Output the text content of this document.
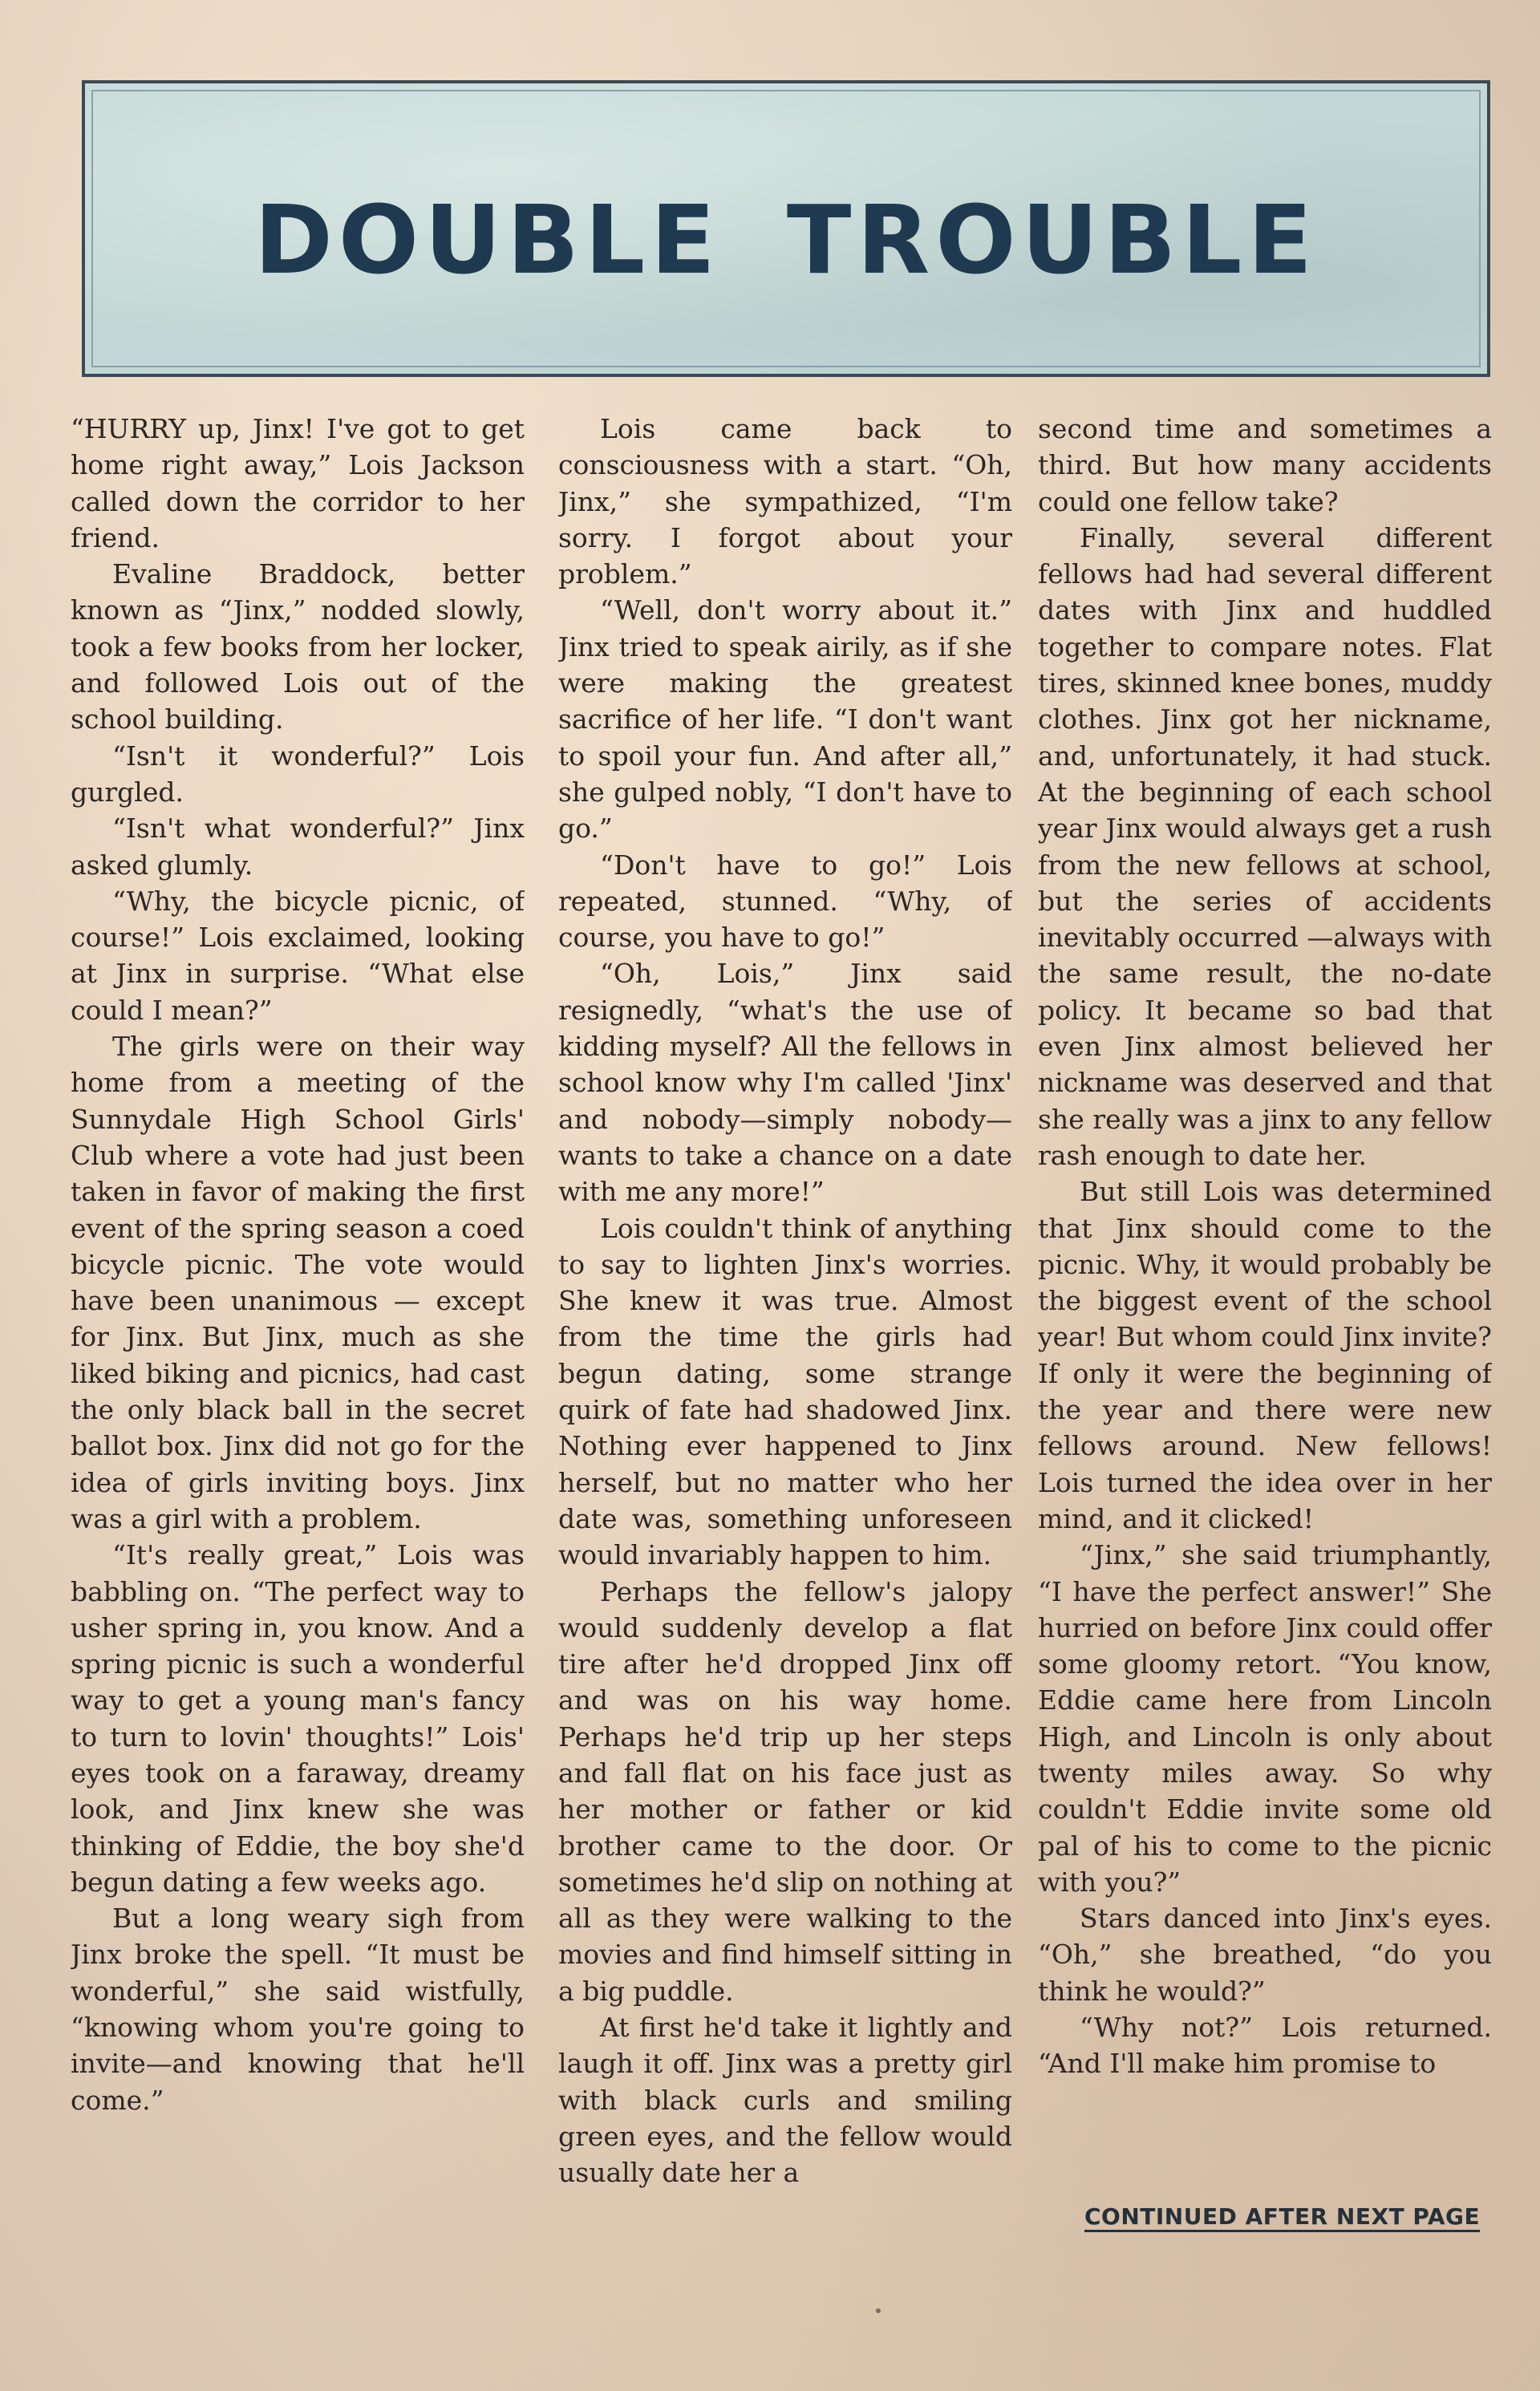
DOUBLE TROUBLE

“HURRY up, Jinx! I've got to get home right away,” Lois Jackson called down the corridor to her friend.

Evaline Braddock, better known as “Jinx,” nodded slowly, took a few books from her locker, and followed Lois out of the school building.

“Isn't it wonderful?” Lois gurgled.

“Isn't what wonderful?” Jinx asked glumly.

“Why, the bicycle picnic, of course!” Lois exclaimed, looking at Jinx in surprise. “What else could I mean?”

The girls were on their way home from a meeting of the Sunnydale High School Girls' Club where a vote had just been taken in favor of making the first event of the spring season a coed bicycle picnic. The vote would have been unanimous — except for Jinx. But Jinx, much as she liked biking and picnics, had cast the only black ball in the secret ballot box. Jinx did not go for the idea of girls inviting boys. Jinx was a girl with a problem.

“It's really great,” Lois was babbling on. “The perfect way to usher spring in, you know. And a spring picnic is such a wonderful way to get a young man's fancy to turn to lovin' thoughts!” Lois' eyes took on a faraway, dreamy look, and Jinx knew she was thinking of Eddie, the boy she'd begun dating a few weeks ago.

But a long weary sigh from Jinx broke the spell. “It must be wonderful,” she said wistfully, “knowing whom you're going to invite—and knowing that he'll come.”

Lois came back to consciousness with a start. “Oh, Jinx,” she sympathized, “I'm sorry. I forgot about your problem.”

“Well, don't worry about it.” Jinx tried to speak airily, as if she were making the greatest sacrifice of her life. “I don't want to spoil your fun. And after all,” she gulped nobly, “I don't have to go.”

“Don't have to go!” Lois repeated, stunned. “Why, of course, you have to go!”

“Oh, Lois,” Jinx said resignedly, “what's the use of kidding myself? All the fellows in school know why I'm called 'Jinx' and nobody—simply nobody—wants to take a chance on a date with me any more!”

Lois couldn't think of anything to say to lighten Jinx's worries. She knew it was true. Almost from the time the girls had begun dating, some strange quirk of fate had shadowed Jinx. Nothing ever happened to Jinx herself, but no matter who her date was, something unforeseen would invariably happen to him.

Perhaps the fellow's jalopy would suddenly develop a flat tire after he'd dropped Jinx off and was on his way home. Perhaps he'd trip up her steps and fall flat on his face just as her mother or father or kid brother came to the door. Or sometimes he'd slip on nothing at all as they were walking to the movies and find himself sitting in a big puddle.

At first he'd take it lightly and laugh it off. Jinx was a pretty girl with black curls and smiling green eyes, and the fellow would usually date her a

second time and sometimes a third. But how many accidents could one fellow take?

Finally, several different fellows had had several different dates with Jinx and huddled together to compare notes. Flat tires, skinned knee bones, muddy clothes. Jinx got her nickname, and, unfortunately, it had stuck. At the beginning of each school year Jinx would always get a rush from the new fellows at school, but the series of accidents inevitably occurred —always with the same result, the no-date policy. It became so bad that even Jinx almost believed her nickname was deserved and that she really was a jinx to any fellow rash enough to date her.

But still Lois was determined that Jinx should come to the picnic. Why, it would probably be the biggest event of the school year! But whom could Jinx invite? If only it were the beginning of the year and there were new fellows around. New fellows! Lois turned the idea over in her mind, and it clicked!

“Jinx,” she said triumphantly, “I have the perfect answer!” She hurried on before Jinx could offer some gloomy retort. “You know, Eddie came here from Lincoln High, and Lincoln is only about twenty miles away. So why couldn't Eddie invite some old pal of his to come to the picnic with you?”

Stars danced into Jinx's eyes. “Oh,” she breathed, “do you think he would?”

“Why not?” Lois returned. “And I'll make him promise to

CONTINUED AFTER NEXT PAGE
